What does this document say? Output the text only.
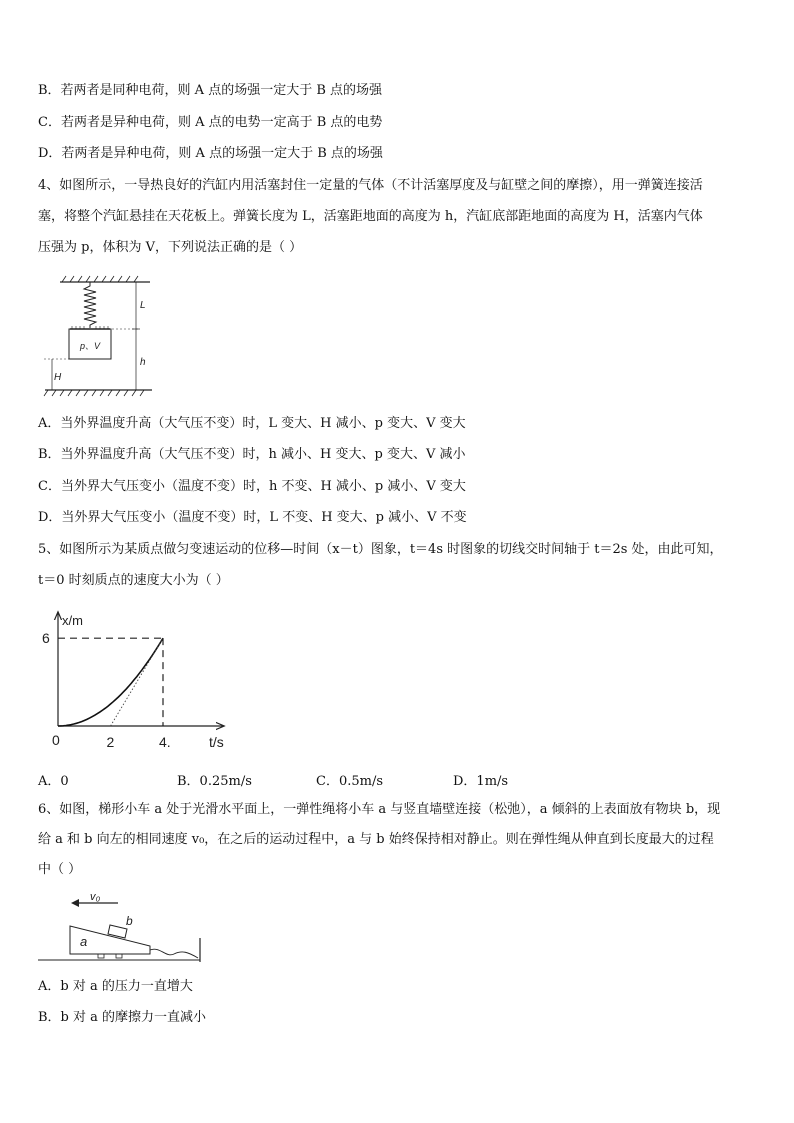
B．若两者是同种电荷，则 A 点的场强一定大于 B 点的场强
C．若两者是异种电荷，则 A 点的电势一定高于 B 点的电势
D．若两者是异种电荷，则 A 点的场强一定大于 B 点的场强
4、如图所示，一导热良好的汽缸内用活塞封住一定量的气体（不计活塞厚度及与缸壁之间的摩擦），用一弹簧连接活
塞，将整个汽缸悬挂在天花板上。弹簧长度为 L，活塞距地面的高度为 h，汽缸底部距地面的高度为 H，活塞内气体
压强为 p，体积为 V，下列说法正确的是（ ）
p、V
L
h
H
A．当外界温度升高（大气压不变）时，L 变大、H 减小、p 变大、V 变大
B．当外界温度升高（大气压不变）时，h 减小、H 变大、p 变大、V 减小
C．当外界大气压变小（温度不变）时，h 不变、H 减小、p 减小、V 变大
D．当外界大气压变小（温度不变）时，L 不变、H 变大、p 减小、V 不变
5、如图所示为某质点做匀变速运动的位移—时间（x－t）图象，t＝4s 时图象的切线交时间轴于 t＝2s 处，由此可知，
t＝0 时刻质点的速度大小为（ ）
x/m
t/s
0	2	4.
6
A．0	B．0.25m/s	C．0.5m/s	D．1m/s
6、如图，梯形小车 a 处于光滑水平面上，一弹性绳将小车 a 与竖直墙壁连接（松弛），a 倾斜的上表面放有物块 b，现
给 a 和 b 向左的相同速度 v₀，在之后的运动过程中，a 与 b 始终保持相对静止。则在弹性绳从伸直到长度最大的过程
中（ ）
v₀
a
b
A．b 对 a 的压力一直增大
B．b 对 a 的摩擦力一直减小
